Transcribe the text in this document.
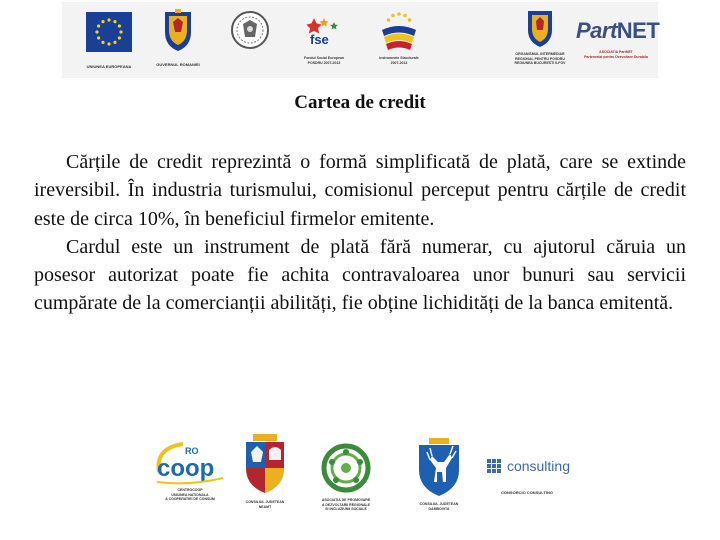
UNIUNEA EUROPEANA	GUVERNUL ROMANIEI
fse
Fondul Social European
POSDRU 2007-2013
Instrumente Structurale
2007-2013
ORGANISMUL INTERMEDIAR
REGIONAL PENTRU POSDRU
REGIUNEA BUCURESTI ILFOV
PartNET
ASOCIATIA PartNET
Parteneriat pentru Dezvoltare Durabila
Cartea de credit

Cărțile de credit reprezintă o formă simplificată de plată, care se extinde ireversibil. În industria turismului, comisionul perceput pentru cărțile de credit este de circa 10%, în beneficiul firmelor emitente.

Cardul este un instrument de plată fără numerar, cu ajutorul căruia un posesor autorizat poate fie achita contravaloarea unor bunuri sau servicii cumpărate de la comercianții abilități, fie obține lichidități de la banca emitentă.

RO
coop
CENTROCOOP
UNIUNEA NATIONALA
A COOPERATIEI DE CONSUM
CONSILIUL JUDETEAN
NEAMT
ASOCIATIA DE PROMOVARE
A DEZVOLTARII REGIONALE
SI INCLUZIUNII SOCIALE
CONSILIUL JUDETEAN
DAMBOVITA
consulting
CONSORCIO CONSULTING
